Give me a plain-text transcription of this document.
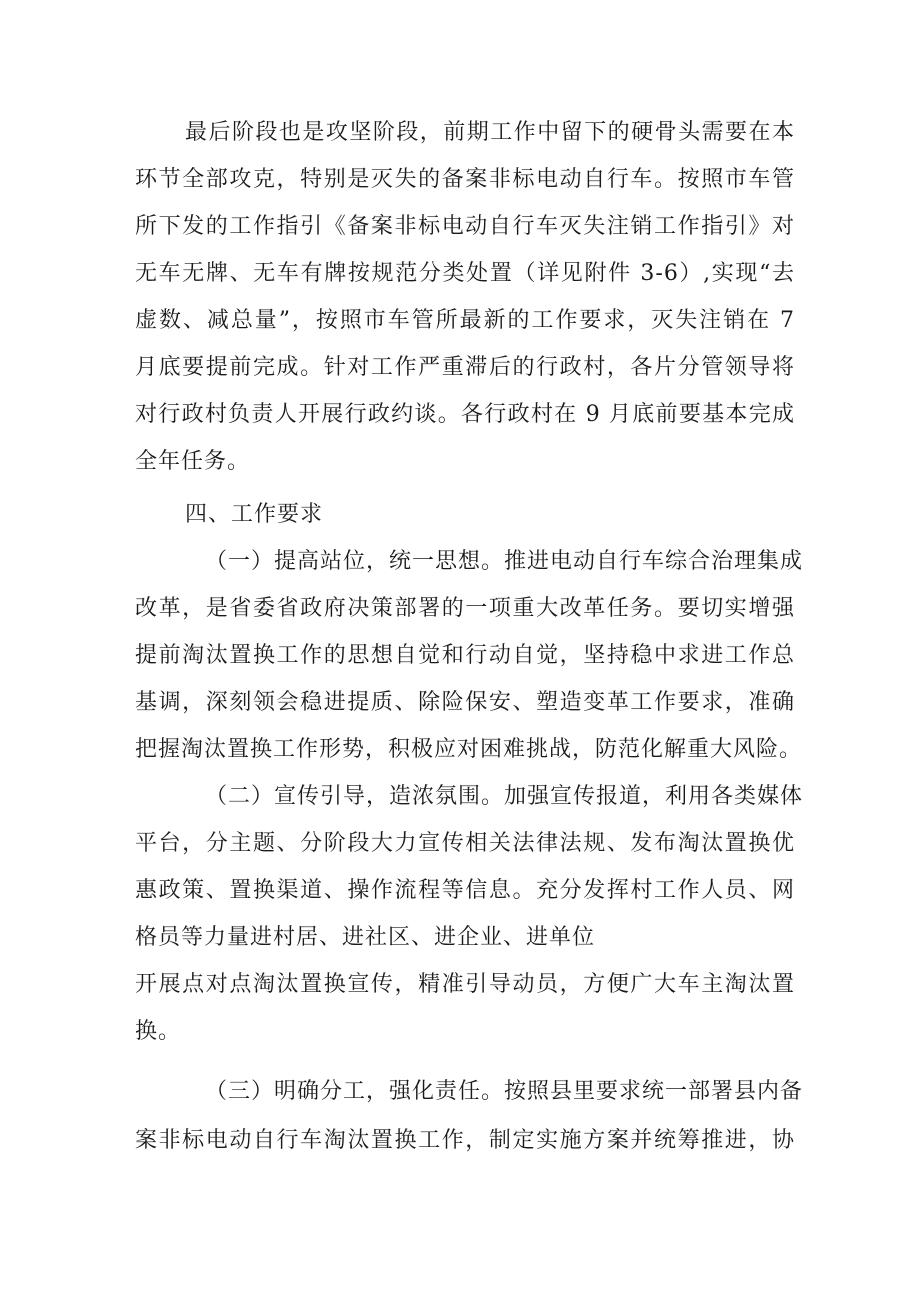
最后阶段也是攻坚阶段，前期工作中留下的硬骨头需要在本
环节全部攻克，特别是灭失的备案非标电动自行车。按照市车管
所下发的工作指引《备案非标电动自行车灭失注销工作指引》对
无车无牌、无车有牌按规范分类处置（详见附件 3-6）,实现“去
虚数、减总量”，按照市车管所最新的工作要求，灭失注销在 7
月底要提前完成。针对工作严重滞后的行政村，各片分管领导将
对行政村负责人开展行政约谈。各行政村在 9 月底前要基本完成
全年任务。
四、工作要求
（一）提高站位，统一思想。推进电动自行车综合治理集成
改革，是省委省政府决策部署的一项重大改革任务。要切实增强
提前淘汰置换工作的思想自觉和行动自觉，坚持稳中求进工作总
基调，深刻领会稳进提质、除险保安、塑造变革工作要求，准确
把握淘汰置换工作形势，积极应对困难挑战，防范化解重大风险。
（二）宣传引导，造浓氛围。加强宣传报道，利用各类媒体
平台，分主题、分阶段大力宣传相关法律法规、发布淘汰置换优
惠政策、置换渠道、操作流程等信息。充分发挥村工作人员、网
格员等力量进村居、进社区、进企业、进单位
开展点对点淘汰置换宣传，精准引导动员，方便广大车主淘汰置
换。
（三）明确分工，强化责任。按照县里要求统一部署县内备
案非标电动自行车淘汰置换工作，制定实施方案并统筹推进，协
